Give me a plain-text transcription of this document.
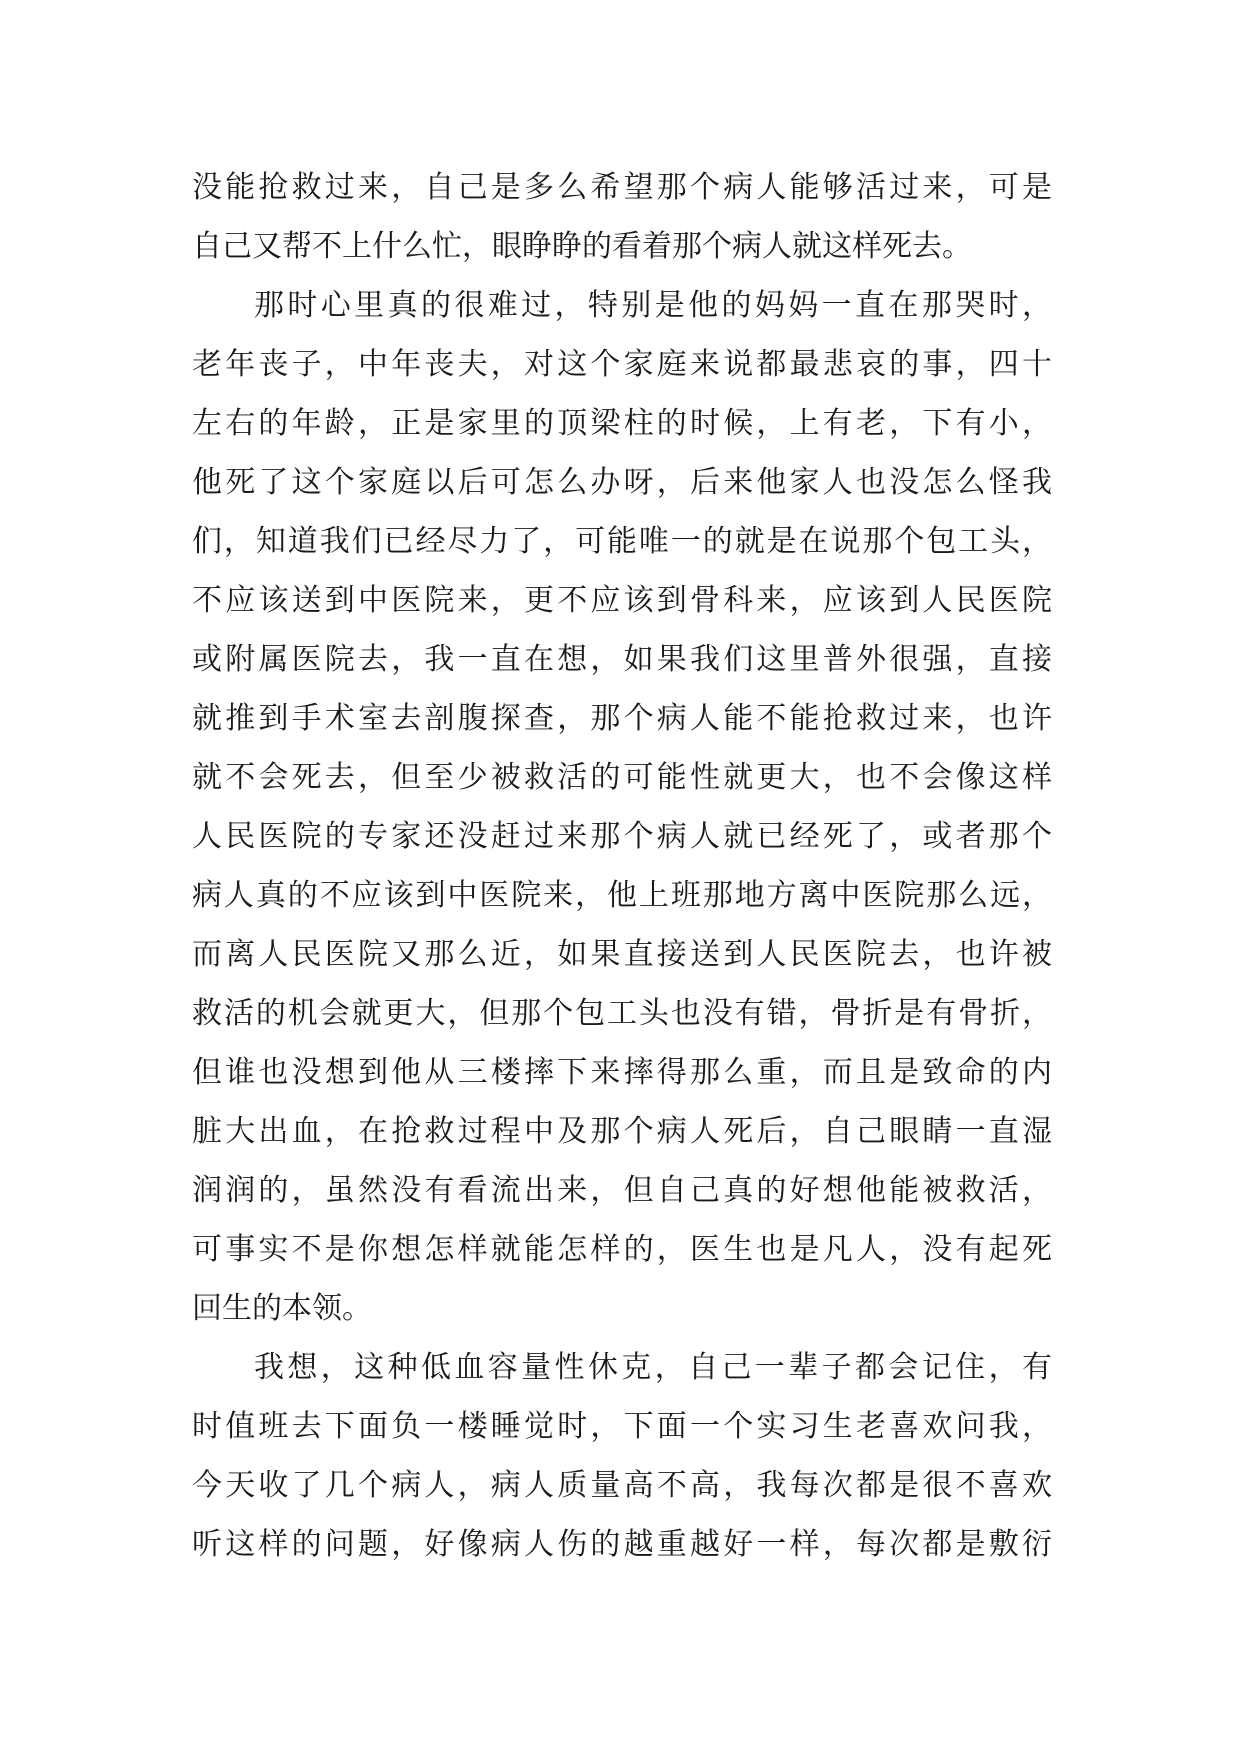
没能抢救过来，自己是多么希望那个病人能够活过来，可是
自己又帮不上什么忙，眼睁睁的看着那个病人就这样死去。
那时心里真的很难过，特别是他的妈妈一直在那哭时，
老年丧子，中年丧夫，对这个家庭来说都最悲哀的事，四十
左右的年龄，正是家里的顶梁柱的时候，上有老，下有小，
他死了这个家庭以后可怎么办呀，后来他家人也没怎么怪我
们，知道我们已经尽力了，可能唯一的就是在说那个包工头，
不应该送到中医院来，更不应该到骨科来，应该到人民医院
或附属医院去，我一直在想，如果我们这里普外很强，直接
就推到手术室去剖腹探查，那个病人能不能抢救过来，也许
就不会死去，但至少被救活的可能性就更大，也不会像这样
人民医院的专家还没赶过来那个病人就已经死了，或者那个
病人真的不应该到中医院来，他上班那地方离中医院那么远，
而离人民医院又那么近，如果直接送到人民医院去，也许被
救活的机会就更大，但那个包工头也没有错，骨折是有骨折，
但谁也没想到他从三楼摔下来摔得那么重，而且是致命的内
脏大出血，在抢救过程中及那个病人死后，自己眼睛一直湿
润润的，虽然没有看流出来，但自己真的好想他能被救活，
可事实不是你想怎样就能怎样的，医生也是凡人，没有起死
回生的本领。
我想，这种低血容量性休克，自己一辈子都会记住，有
时值班去下面负一楼睡觉时，下面一个实习生老喜欢问我，
今天收了几个病人，病人质量高不高，我每次都是很不喜欢
听这样的问题，好像病人伤的越重越好一样，每次都是敷衍
